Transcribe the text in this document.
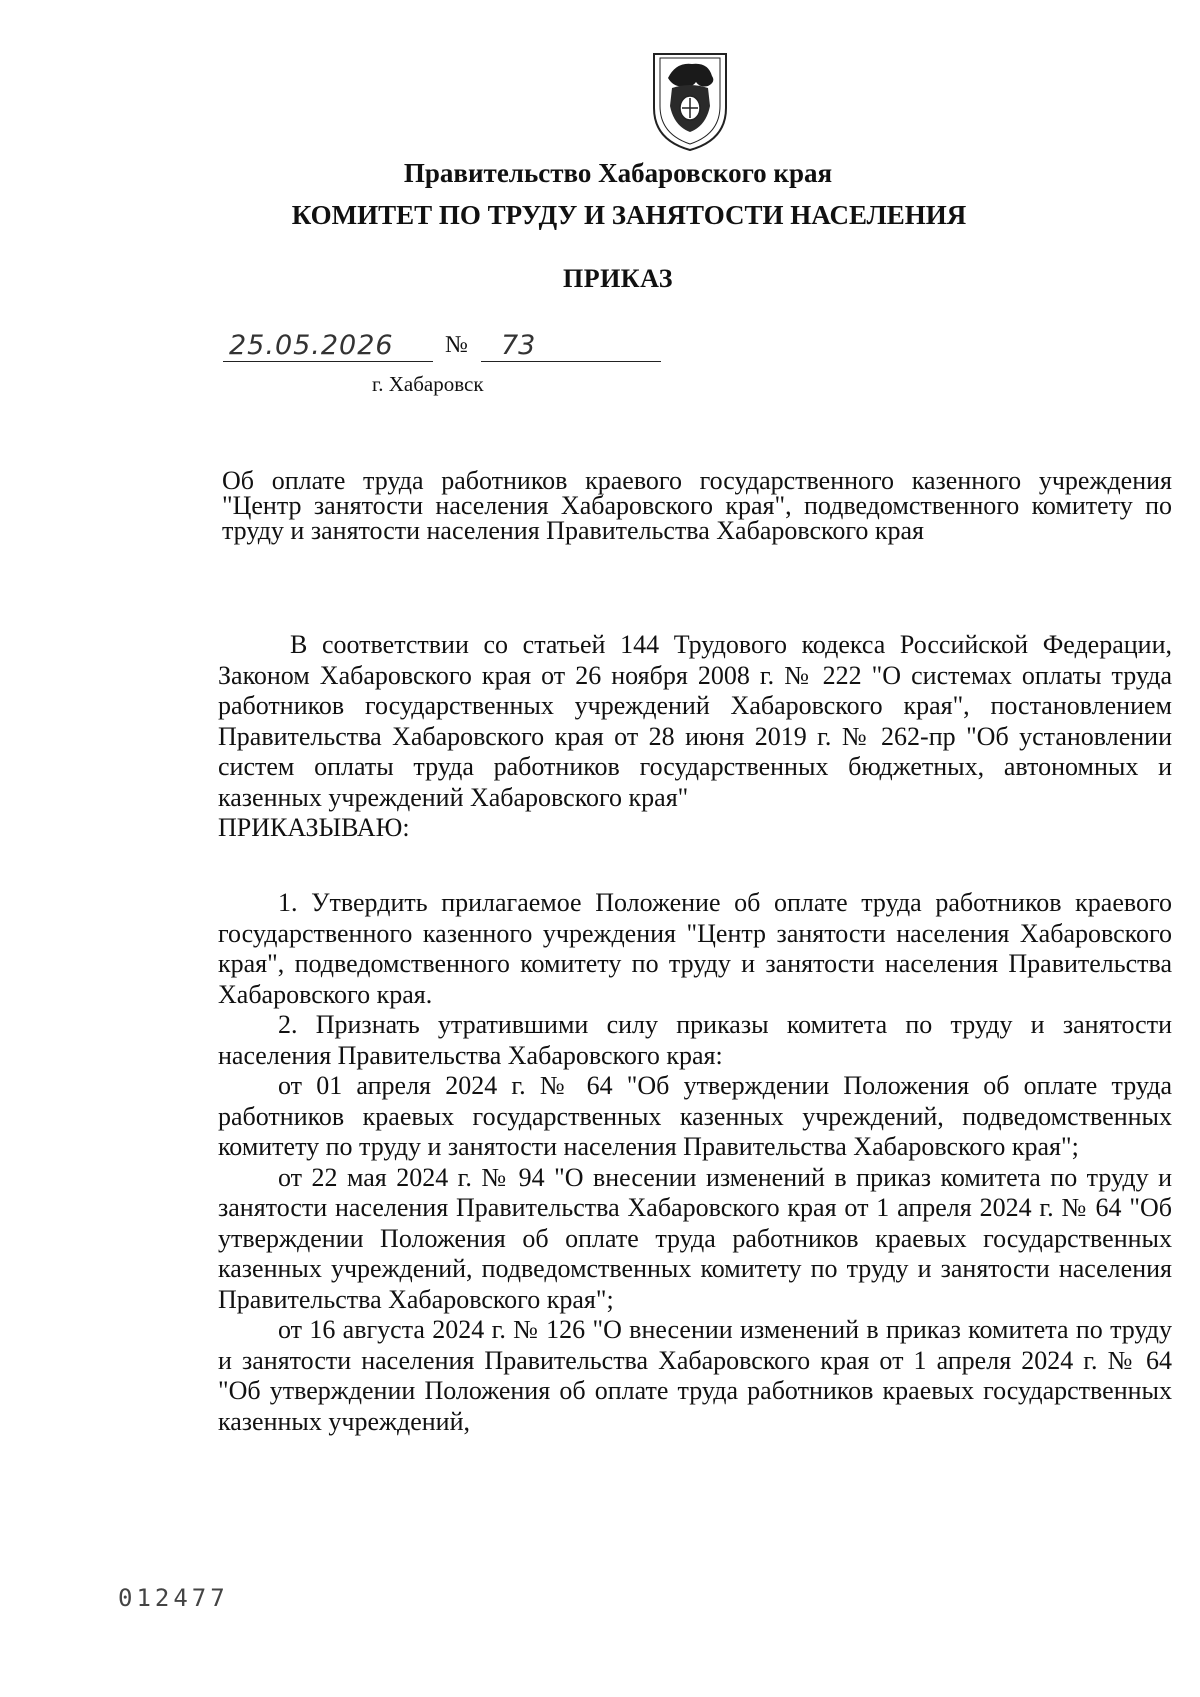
Правительство Хабаровского края
КОМИТЕТ ПО ТРУДУ И ЗАНЯТОСТИ НАСЕЛЕНИЯ
ПРИКАЗ
25.05.2026	№	73
г. Хабаровск
Об оплате труда работников краевого государственного казенного учреждения "Центр занятости населения Хабаровского края", подведомственного комитету по труду и занятости населения Правительства Хабаровского края

В соответствии со статьей 144 Трудового кодекса Российской Федерации, Законом Хабаровского края от 26 ноября 2008 г. № 222 "О системах оплаты труда работников государственных учреждений Хабаровского края", постановлением Правительства Хабаровского края от 28 июня 2019 г. № 262-пр "Об установлении систем оплаты труда работников государственных бюджетных, автономных и казенных учреждений Хабаровского края"

ПРИКАЗЫВАЮ:

1. Утвердить прилагаемое Положение об оплате труда работников краевого государственного казенного учреждения "Центр занятости населения Хабаровского края", подведомственного комитету по труду и занятости населения Правительства Хабаровского края.

2. Признать утратившими силу приказы комитета по труду и занятости населения Правительства Хабаровского края:

от 01 апреля 2024 г. № 64 "Об утверждении Положения об оплате труда работников краевых государственных казенных учреждений, подведомственных комитету по труду и занятости населения Правительства Хабаровского края";

от 22 мая 2024 г. № 94 "О внесении изменений в приказ комитета по труду и занятости населения Правительства Хабаровского края от 1 апреля 2024 г. № 64 "Об утверждении Положения об оплате труда работников краевых государственных казенных учреждений, подведомственных комитету по труду и занятости населения Правительства Хабаровского края";

от 16 августа 2024 г. № 126 "О внесении изменений в приказ комитета по труду и занятости населения Правительства Хабаровского края от 1 апреля 2024 г. № 64 "Об утверждении Положения об оплате труда работников краевых государственных казенных учреждений,

012477
